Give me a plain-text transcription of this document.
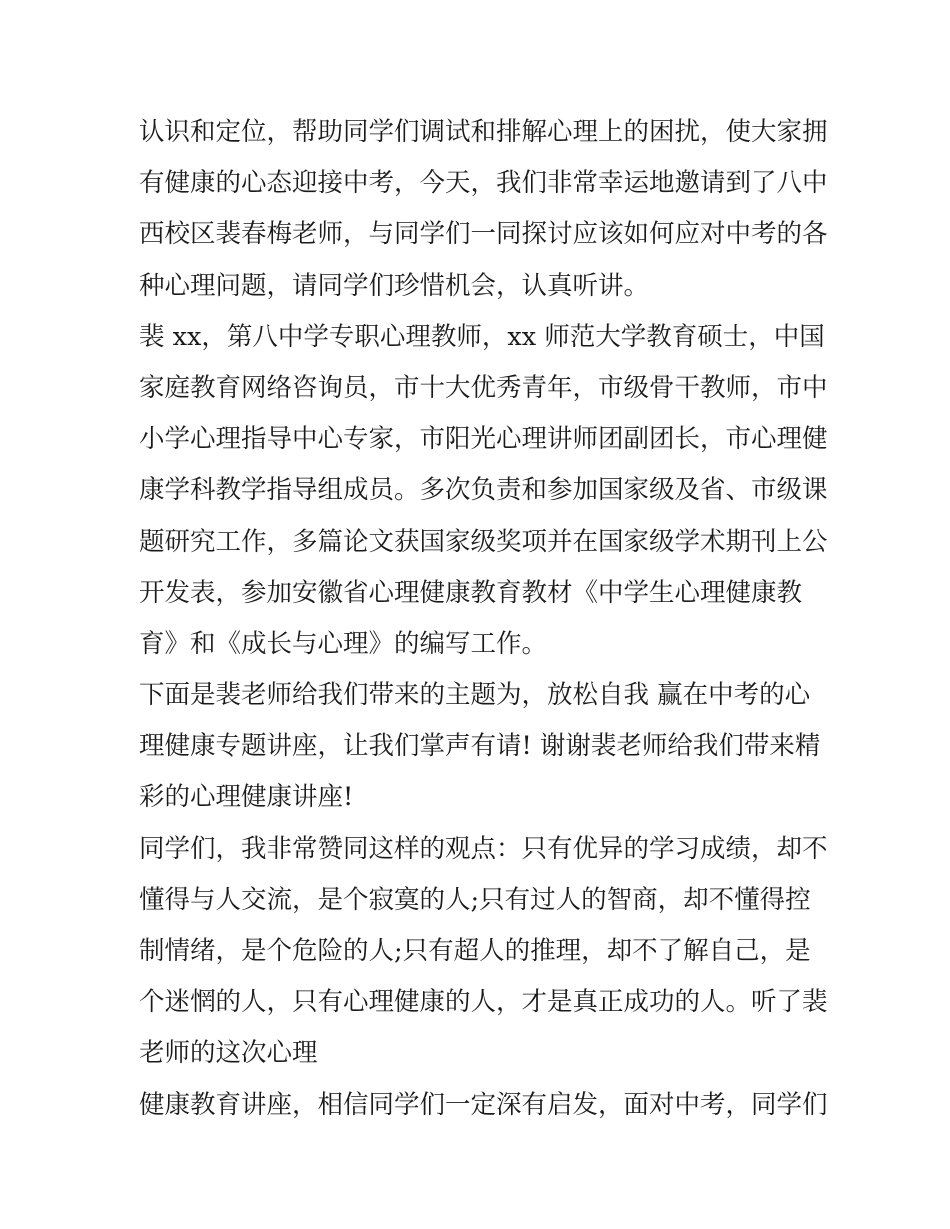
认识和定位，帮助同学们调试和排解心理上的困扰，使大家拥
有健康的心态迎接中考，今天，我们非常幸运地邀请到了八中
西校区裴春梅老师，与同学们一同探讨应该如何应对中考的各
种心理问题，请同学们珍惜机会，认真听讲。
裴 xx，第八中学专职心理教师，xx 师范大学教育硕士，中国
家庭教育网络咨询员，市十大优秀青年，市级骨干教师，市中
小学心理指导中心专家，市阳光心理讲师团副团长，市心理健
康学科教学指导组成员。多次负责和参加国家级及省、市级课
题研究工作，多篇论文获国家级奖项并在国家级学术期刊上公
开发表，参加安徽省心理健康教育教材《中学生心理健康教
育》和《成长与心理》的编写工作。
下面是裴老师给我们带来的主题为，放松自我 赢在中考的心
理健康专题讲座，让我们掌声有请! 谢谢裴老师给我们带来精
彩的心理健康讲座!
同学们，我非常赞同这样的观点：只有优异的学习成绩，却不
懂得与人交流，是个寂寞的人;只有过人的智商，却不懂得控
制情绪，是个危险的人;只有超人的推理，却不了解自己，是
个迷惘的人，只有心理健康的人，才是真正成功的人。听了裴
老师的这次心理
健康教育讲座，相信同学们一定深有启发，面对中考，同学们
